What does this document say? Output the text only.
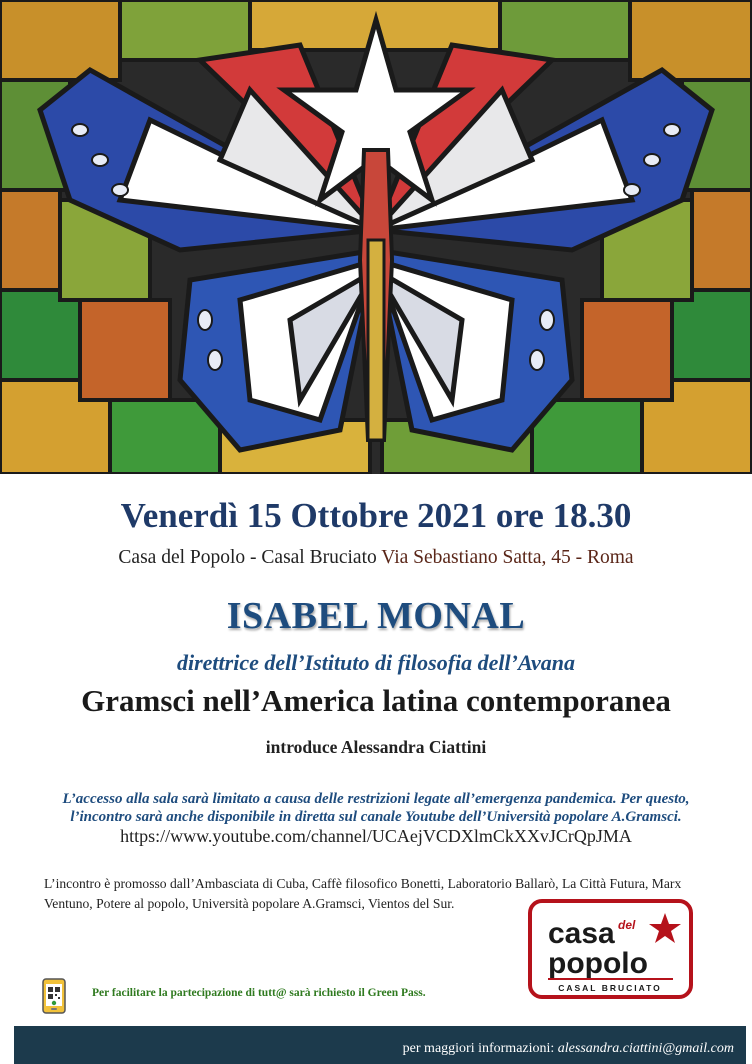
Venerdì 15 Ottobre 2021 ore 18.30
Casa del Popolo - Casal Bruciato Via Sebastiano Satta, 45 - Roma
ISABEL MONAL
direttrice dell’Istituto di filosofia dell’Avana
Gramsci nell’America latina contemporanea
introduce Alessandra Ciattini
L’accesso alla sala sarà limitato a causa delle restrizioni legate all’emergenza pandemica. Per questo,
l’incontro sarà anche disponibile in diretta sul canale Youtube dell’Università popolare A.Gramsci.
https://www.youtube.com/channel/UCAejVCDXlmCkXXvJCrQpJMA
L’incontro è promosso dall’Ambasciata di Cuba, Caffè filosofico Bonetti, Laboratorio Ballarò, La Città Futura, Marx
Ventuno, Potere al popolo, Università popolare A.Gramsci, Vientos del Sur.
casa del
popolo
CASAL BRUCIATO
Per facilitare la partecipazione di tutt@ sarà richiesto il Green Pass.
per maggiori informazioni: alessandra.ciattini@gmail.com
